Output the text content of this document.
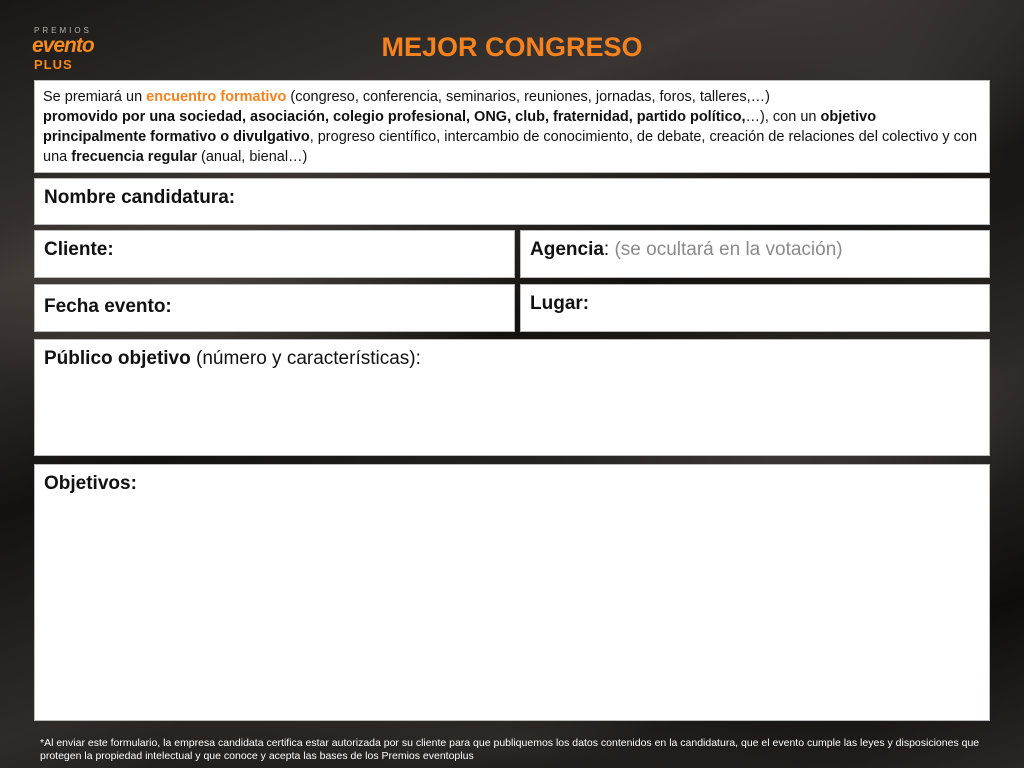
PREMIOS
evento
PLUS
MEJOR CONGRESO
Se premiará un encuentro formativo (congreso, conferencia, seminarios, reuniones, jornadas, foros, talleres,…)
promovido por una sociedad, asociación, colegio profesional, ONG, club, fraternidad, partido político,…), con un objetivo principalmente formativo o divulgativo, progreso científico, intercambio de conocimiento, de debate, creación de relaciones del colectivo y con una frecuencia regular (anual, bienal…)
Nombre candidatura:
Cliente:	Agencia: (se ocultará en la votación)
Fecha evento:	Lugar:
Público objetivo (número y características):
Objetivos:
*Al enviar este formulario, la empresa candidata certifica estar autorizada por su cliente para que publiquemos los datos contenidos en la candidatura, que el evento cumple las leyes y disposiciones que protegen la propiedad intelectual y que conoce y acepta las bases de los Premios eventoplus
